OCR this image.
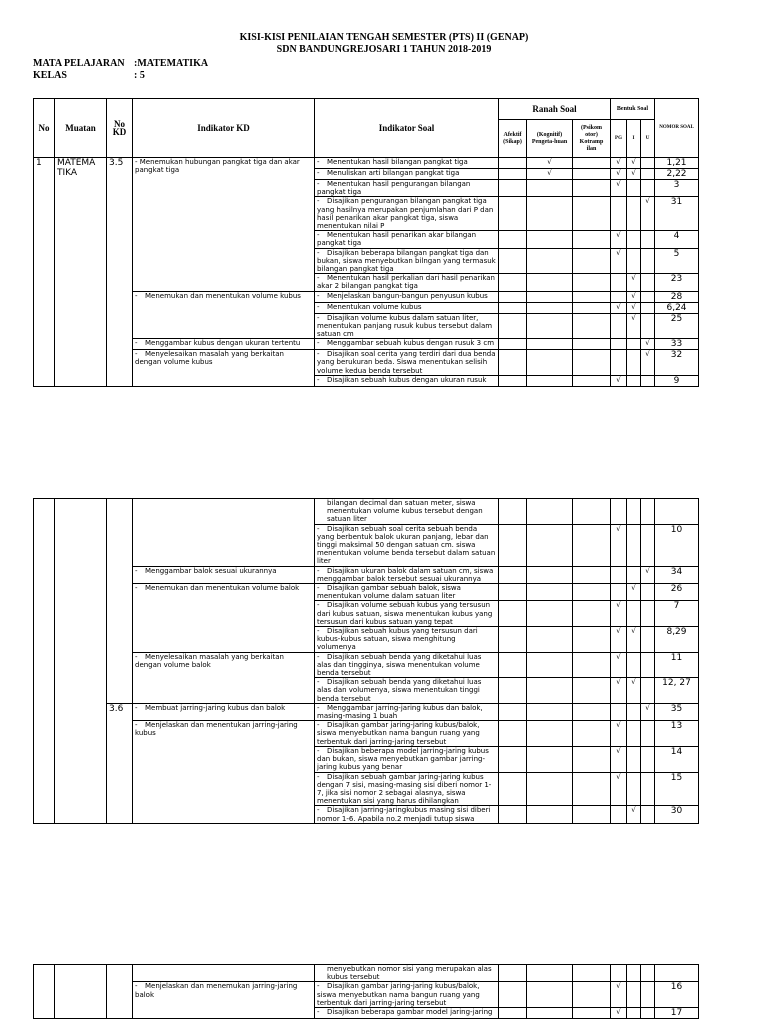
KISI-KISI PENILAIAN TENGAH SEMESTER (PTS) II (GENAP)
SDN BANDUNGREJOSARI 1 TAHUN 2018-2019
MATA PELAJARAN :MATEMATIKA
KELAS	: 5
No	Muatan	No KD	Indikator KD	Indikator Soal	Ranah Soal			Bentuk Soal			NOMOR SOAL
					Afektif (Sikap)	(Kognitif) Pengeta-huan	(Psikom otor) Kotramp ilan	PG	I	U	
1	MATEMA TIKA	3.5	- Menemukan hubungan pangkat tiga dan akar pangkat tiga	- Menentukan hasil bilangan pangkat tiga		√		√	√		1,21
				- Menuliskan arti bilangan pangkat tiga		√		√	√		2,22
				- Menentukan hasil pengurangan bilangan pangkat tiga				√			3
				- Disajikan pengurangan bilangan pangkat tiga yang hasilnya merupakan penjumlahan dari P dan hasil penarikan akar pangkat tiga, siswa menentukan nilai P						√	31
				- Menentukan hasil penarikan akar bilangan pangkat tiga				√			4
				- Disajikan beberapa bilangan pangkat tiga dan bukan, siswa menyebutkan bilngan yang termasuk bilangan pangkat tiga				√			5
				- Menentukan hasil perkalian dari hasil penarikan akar 2 bilangan pangkat tiga					√		23
			- Menemukan dan menentukan volume kubus	- Menjelaskan bangun-bangun penyusun kubus					√		28
				- Menentukan volume kubus				√	√		6,24
				- Disajikan volume kubus dalam satuan liter, menentukan panjang rusuk kubus tersebut dalam satuan cm					√		25
			- Menggambar kubus dengan ukuran tertentu	- Menggambar sebuah kubus dengan rusuk 3 cm						√	33
			- Menyelesaikan masalah yang berkaitan dengan volume kubus	- Disajikan soal cerita yang terdiri dari dua benda yang berukuran beda. Siswa menentukan selisih volume kedua benda tersebut						√	32
				- Disajikan sebuah kubus dengan ukuran rusuk				√			9
				bilangan decimal dan satuan meter, siswa menentukan volume kubus tersebut dengan satuan liter							
				- Disajikan sebuah soal cerita sebuah benda yang berbentuk balok ukuran panjang, lebar dan tinggi maksimal 50 dengan satuan cm. siswa menentukan volume benda tersebut dalam satuan liter				√			10
			- Menggambar balok sesuai ukurannya	- Disajikan ukuran balok dalam satuan cm, siswa menggambar balok tersebut sesuai ukurannya						√	34
			- Menemukan dan menentukan volume balok	- Disajikan gambar sebuah balok, siswa menentukan volume dalam satuan liter					√		26
				- Disajikan volume sebuah kubus yang tersusun dari kubus satuan, siswa menentukan kubus yang tersusun dari kubus satuan yang tepat				√			7
				- Disajikan sebuah kubus yang tersusun dari kubus-kubus satuan, siswa menghitung volumenya				√	√		8,29
			- Menyelesaikan masalah yang berkaitan dengan volume balok	- Disajikan sebuah benda yang diketahui luas alas dan tingginya, siswa menentukan volume benda tersebut				√			11
				- Disajikan sebuah benda yang diketahui luas alas dan volumenya, siswa menentukan tinggi benda tersebut				√	√		12, 27
		3.6	- Membuat jarring-jaring kubus dan balok	- Menggambar jarring-jaring kubus dan balok, masing-masing 1 buah						√	35
			- Menjelaskan dan menentukan jarring-jaring kubus	- Disajikan gambar jaring-jaring kubus/balok, siswa menyebutkan nama bangun ruang yang terbentuk dari jarring-jaring tersebut				√			13
				- Disajikan beberapa model jarring-jaring kubus dan bukan, siswa menyebutkan gambar jarring-jaring kubus yang benar				√			14
				- Disajikan sebuah gambar jaring-jaring kubus dengan 7 sisi, masing-masing sisi diberi nomor 1-7, jika sisi nomor 2 sebagai alasnya, siswa menentukan sisi yang harus dihilangkan				√			15
				- Disajikan jarring-jaringkubus masing sisi diberi nomor 1-6. Apabila no.2 menjadi tutup siswa					√		30
				menyebutkan nomor sisi yang merupakan alas kubus tersebut							
			- Menjelaskan dan menemukan jarring-jaring balok	- Disajikan gambar jaring-jaring kubus/balok, siswa menyebutkan nama bangun ruang yang terbentuk dari jarring-jaring tersebut				√			16
				- Disajikan beberapa gambar model jaring-jaring				√			17
